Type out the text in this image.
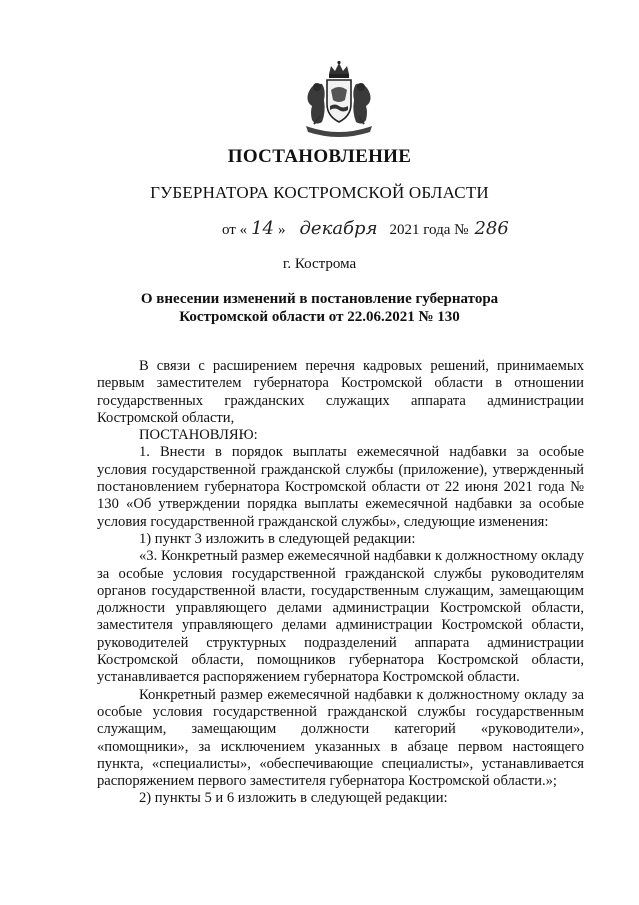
ПОСТАНОВЛЕНИЕ
ГУБЕРНАТОРА КОСТРОМСКОЙ ОБЛАСТИ
от « 14 » декабря 2021 года № 286
г. Кострома
О внесении изменений в постановление губернатора
Костромской области от 22.06.2021 № 130

В связи с расширением перечня кадровых решений, принимаемых первым заместителем губернатора Костромской области в отношении государственных гражданских служащих аппарата администрации Костромской области,

ПОСТАНОВЛЯЮ:

1. Внести в порядок выплаты ежемесячной надбавки за особые условия государственной гражданской службы (приложение), утвержденный постановлением губернатора Костромской области от 22 июня 2021 года № 130 «Об утверждении порядка выплаты ежемесячной надбавки за особые условия государственной гражданской службы», следующие изменения:

1) пункт 3 изложить в следующей редакции:

«3. Конкретный размер ежемесячной надбавки к должностному окладу за особые условия государственной гражданской службы руководителям органов государственной власти, государственным служащим, замещающим должности управляющего делами администрации Костромской области, заместителя управляющего делами администрации Костромской области, руководителей структурных подразделений аппарата администрации Костромской области, помощников губернатора Костромской области, устанавливается распоряжением губернатора Костромской области.

Конкретный размер ежемесячной надбавки к должностному окладу за особые условия государственной гражданской службы государственным служащим, замещающим должности категорий «руководители», «помощники», за исключением указанных в абзаце первом настоящего пункта, «специалисты», «обеспечивающие специалисты», устанавливается распоряжением первого заместителя губернатора Костромской области.»;

2) пункты 5 и 6 изложить в следующей редакции:
